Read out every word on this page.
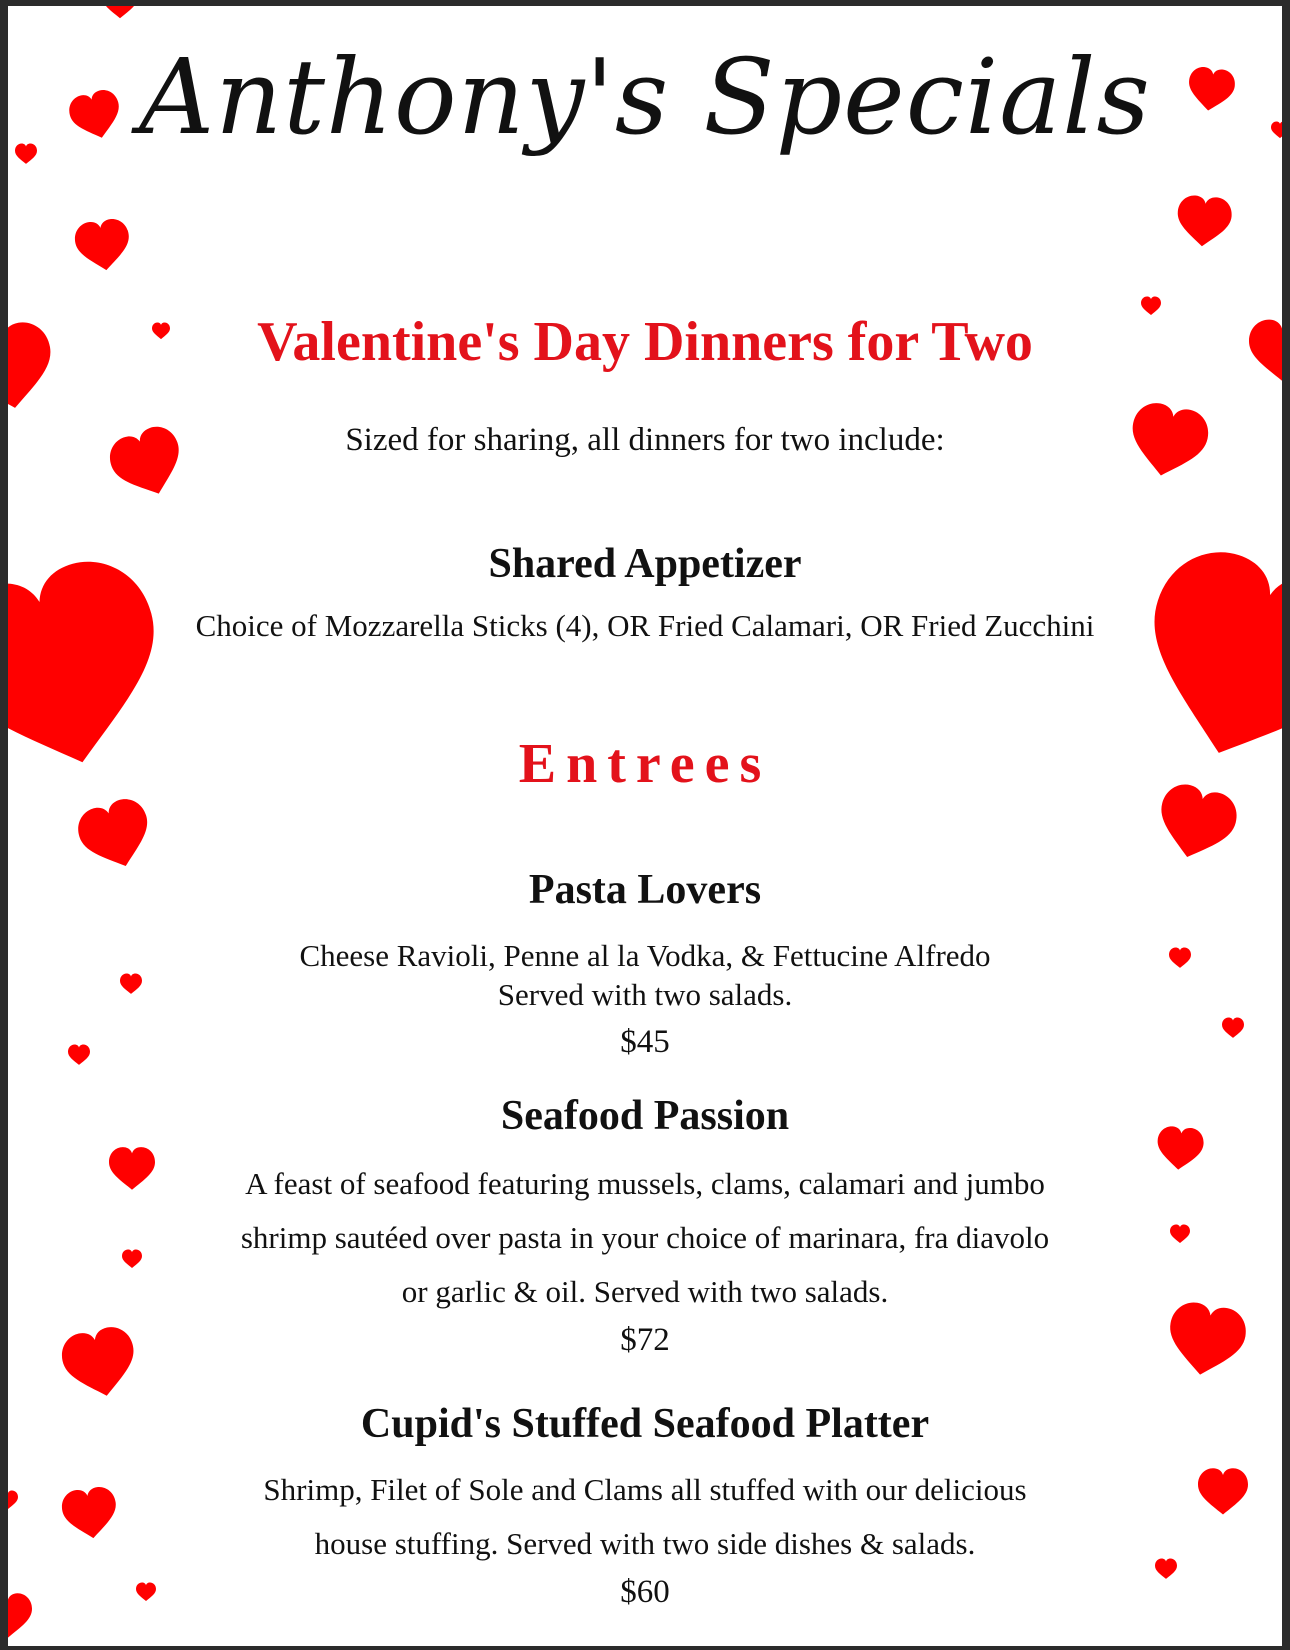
Anthony's Specials
Valentine's Day Dinners for Two
Sized for sharing, all dinners for two include:
Shared Appetizer
Choice of Mozzarella Sticks (4), OR Fried Calamari, OR Fried Zucchini
Entrees
Pasta Lovers
Cheese Ravioli, Penne al la Vodka, & Fettucine Alfredo
Served with two salads.
$45
Seafood Passion
A feast of seafood featuring mussels, clams, calamari and jumbo
shrimp sautéed over pasta in your choice of marinara, fra diavolo
or garlic & oil. Served with two salads.
$72
Cupid's Stuffed Seafood Platter
Shrimp, Filet of Sole and Clams all stuffed with our delicious
house stuffing. Served with two side dishes & salads.
$60
